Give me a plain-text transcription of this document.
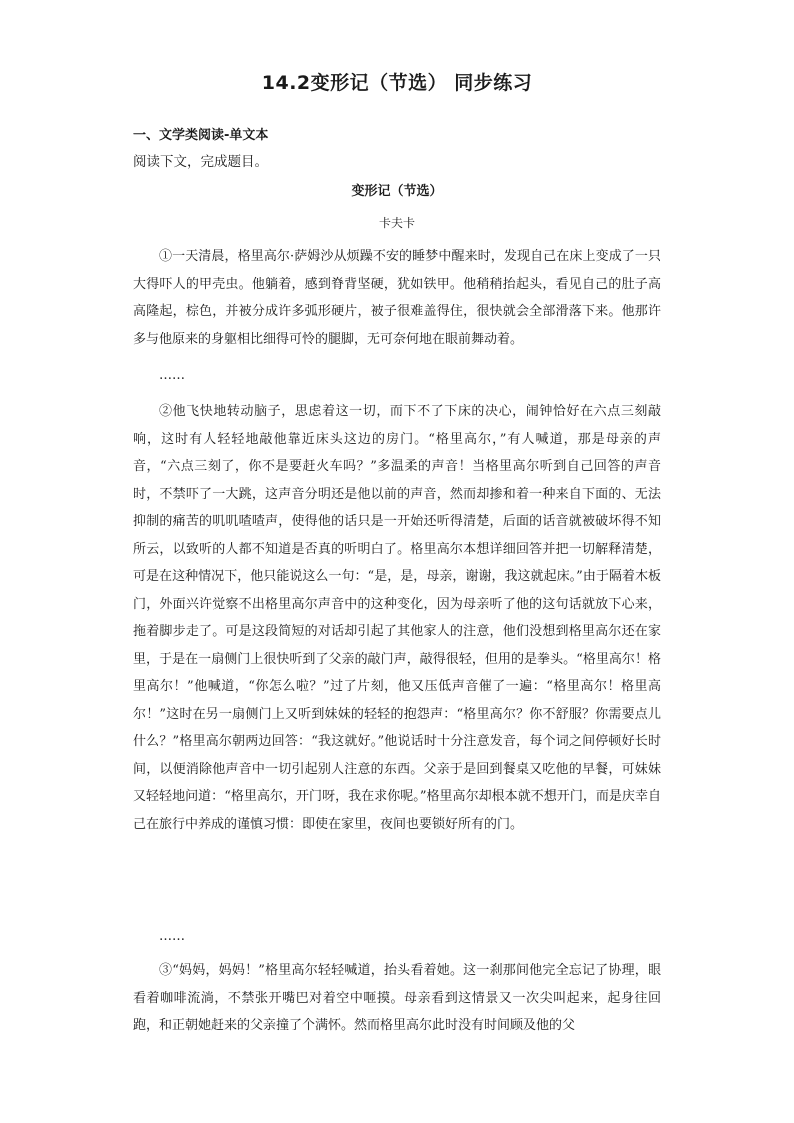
14.2变形记（节选） 同步练习
一、文学类阅读-单文本
阅读下文，完成题目。
变形记（节选）
卡夫卡

①一天清晨，格里高尔·萨姆沙从烦躁不安的睡梦中醒来时，发现自己在床上变成了一只大得吓人的甲壳虫。他躺着，感到脊背坚硬，犹如铁甲。他稍稍抬起头，看见自己的肚子高高隆起，棕色，并被分成许多弧形硬片，被子很难盖得住，很快就会全部滑落下来。他那许多与他原来的身躯相比细得可怜的腿脚，无可奈何地在眼前舞动着。

……

②他飞快地转动脑子，思虑着这一切，而下不了下床的决心，闹钟恰好在六点三刻敲响，这时有人轻轻地敲他靠近床头这边的房门。“格里高尔，”有人喊道，那是母亲的声音，“六点三刻了，你不是要赶火车吗？”多温柔的声音！当格里高尔听到自己回答的声音时，不禁吓了一大跳，这声音分明还是他以前的声音，然而却掺和着一种来自下面的、无法抑制的痛苦的叽叽喳喳声，使得他的话只是一开始还听得清楚，后面的话音就被破坏得不知所云，以致听的人都不知道是否真的听明白了。格里高尔本想详细回答并把一切解释清楚，可是在这种情况下，他只能说这么一句：“是，是，母亲，谢谢，我这就起床。”由于隔着木板门，外面兴许觉察不出格里高尔声音中的这种变化，因为母亲听了他的这句话就放下心来，拖着脚步走了。可是这段简短的对话却引起了其他家人的注意，他们没想到格里高尔还在家里，于是在一扇侧门上很快听到了父亲的敲门声，敲得很轻，但用的是拳头。“格里高尔！格里高尔！”他喊道，“你怎么啦？”过了片刻，他又压低声音催了一遍：“格里高尔！格里高尔！”这时在另一扇侧门上又听到妹妹的轻轻的抱怨声：“格里高尔？你不舒服？你需要点儿什么？”格里高尔朝两边回答：“我这就好。”他说话时十分注意发音，每个词之间停顿好长时间，以便消除他声音中一切引起别人注意的东西。父亲于是回到餐桌又吃他的早餐，可妹妹又轻轻地问道：“格里高尔，开门呀，我在求你呢。”格里高尔却根本就不想开门，而是庆幸自己在旅行中养成的谨慎习惯：即使在家里，夜间也要锁好所有的门。

……

③“妈妈，妈妈！”格里高尔轻轻喊道，抬头看着她。这一刹那间他完全忘记了协理，眼看着咖啡流淌，不禁张开嘴巴对着空中咂摸。母亲看到这情景又一次尖叫起来，起身往回跑，和正朝她赶来的父亲撞了个满怀。然而格里高尔此时没有时间顾及他的父
